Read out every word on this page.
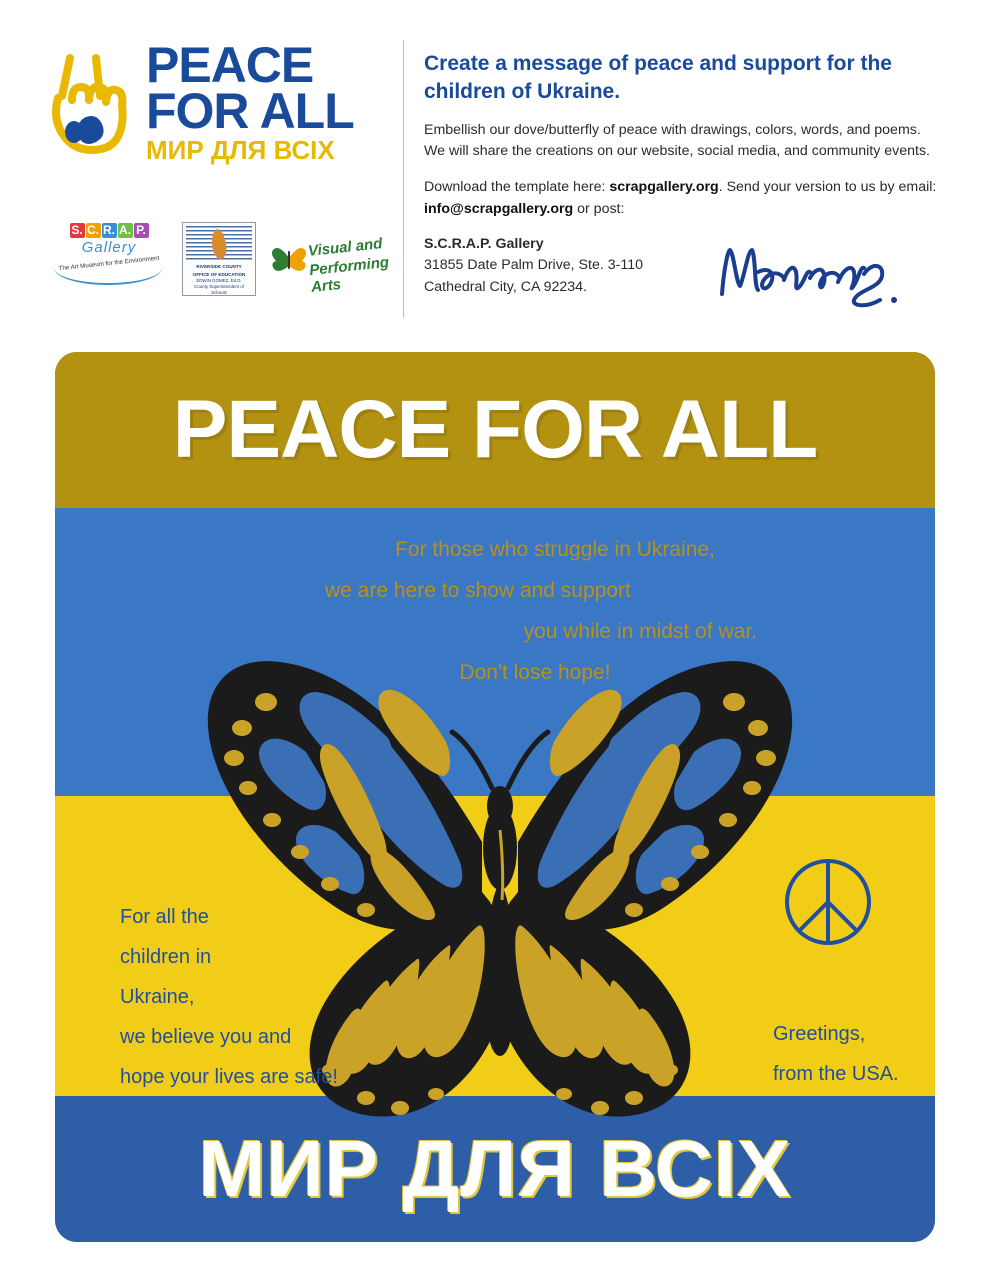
PEACE
FOR ALL
МИР ДЛЯ ВСІХ
S. C. R. A. P.
Gallery
The Art Museum for the Environment	RIVERSIDE COUNTY
OFFICE OF EDUCATION
EDWIN GOMEZ, Ed.D.
County Superintendent of Schools
Visual and
Performing Arts
Create a message of peace and support for the children of Ukraine.

Embellish our dove/butterfly of peace with drawings, colors, words, and poems. We will share the creations on our website, social media, and community events.

Download the template here: scrapgallery.org. Send your version to us by email: info@scrapgallery.org or post:

S.C.R.A.P. Gallery
31855 Date Palm Drive, Ste. 3-110
Cathedral City, CA 92234.

PEACE FOR ALL
МИР ДЛЯ ВСІХ
For those who struggle in Ukraine,
we are here to show and support
you while in midst of war.
Don't lose hope!
For all the
children in
Ukraine,
we believe you and
hope your lives are safe!
Greetings,
from the USA.
